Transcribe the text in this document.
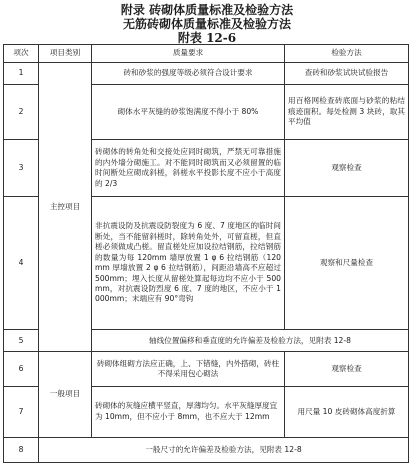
附录 砖砌体质量标准及检验方法
无筋砖砌体质量标准及检验方法
附表 12-6
项次	项目类别	质量要求	检验方法
1	主控项目	砖和砂浆的强度等级必须符合设计要求	查砖和砂浆试块试验报告
2		砌体水平灰缝的砂浆饱满度不得小于 80%	用百格网检查砖底面与砂浆的粘结痕迹面积。每处检测 3 块砖，取其平均值
3		砖砌体的转角处和交接处应同时砌筑，严禁无可靠措施的内外墙分砌施工。对不能同时砌筑而又必须留置的临时间断处应砌成斜槎，斜槎水平投影长度不应小于高度的 2/3	观察检查
4		非抗震设防及抗震设防裂度为 6 度、7 度地区的临时间断处，当不能留斜槎时，除转角处外，可留直槎，但直槎必须做成凸槎。留直槎处应加设拉结钢筋，拉结钢筋的数量为每 120mm 墙厚放置 1 φ 6 拉结钢筋（120mm 厚墙放置 2 φ 6 拉结钢筋），间距沿墙高不应超过 500mm；埋入长度从留槎处算起每边均不应小于 500mm，对抗震设防烈度 6 度、7 度的地区，不应小于 1000mm；末端应有 90°弯钩	观察和尺量检查
5		轴线位置偏移和垂直度的允许偏差及检验方法，见附表 12-8	
6	一般项目	砖砌体组砌方法应正确，上、下错缝，内外搭砌，砖柱不得采用包心砌法	观察检查
7		砖砌体的灰缝应横平竖直，厚薄均匀。水平灰缝厚度宜为 10mm，但不应小于 8mm，也不应大于 12mm	用尺量 10 皮砖砌体高度折算
8	一般尺寸的允许偏差及检验方法，见附表 12-8		
